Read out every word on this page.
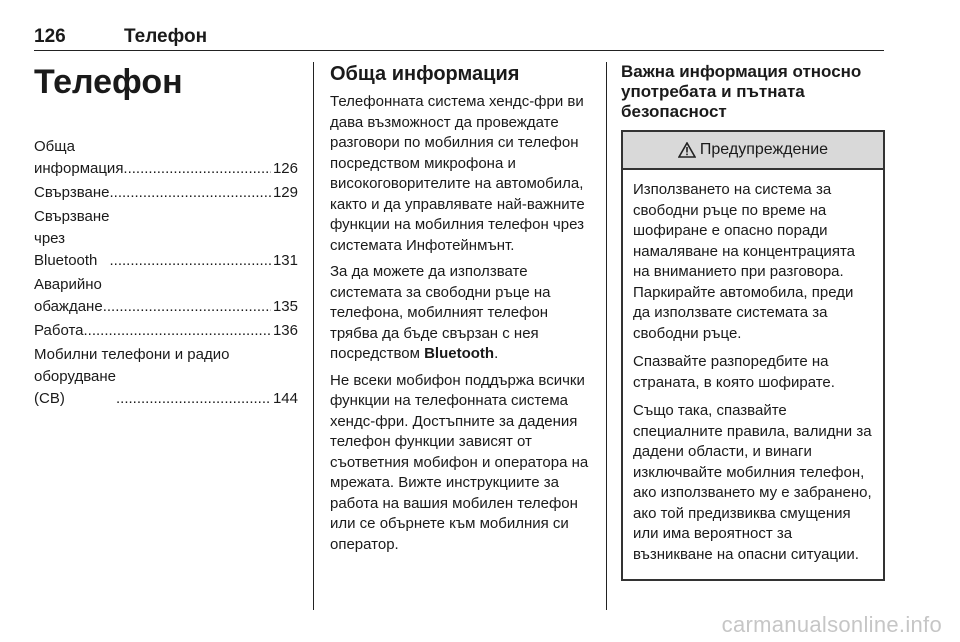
126	Телефон
Телефон
Обща информация .....	126
Свързване .....	129
Свързване чрез Bluetooth .....	131
Аварийно обаждане .....	135
Работа .....	136
Мобилни телефони и радио
оборудване (CB) .....	144
Обща информация

Телефонната система хендс-фри ви дава възможност да провеждате разговори по мобилния си телефон посредством микрофона и високоговорителите на автомобила, както и да управлявате най-важните функции на мобилния телефон чрез системата Инфотейнмънт.

За да можете да използвате системата за свободни ръце на телефона, мобилният телефон трябва да бъде свързан с нея посредством Bluetooth.

Не всеки мобифон поддържа всички функции на телефонната система хендс-фри. Достъпните за дадения телефон функции зависят от съответния мобифон и оператора на мрежата. Вижте инструкциите за работа на вашия мобилен телефон или се обърнете към мобилния си оператор.

Важна информация относно употребата и пътната безопасност
Предупреждение

Използването на система за свободни ръце по време на шофиране е опасно поради намаляване на концентрацията на вниманието при разговора. Паркирайте автомобила, преди да използвате системата за свободни ръце.

Спазвайте разпоредбите на страната, в която шофирате.

Също така, спазвайте специалните правила, валидни за дадени области, и винаги изключвайте мобилния телефон, ако използването му е забранено, ако той предизвиква смущения или има вероятност за възникване на опасни ситуации.

carmanualsonline.info
